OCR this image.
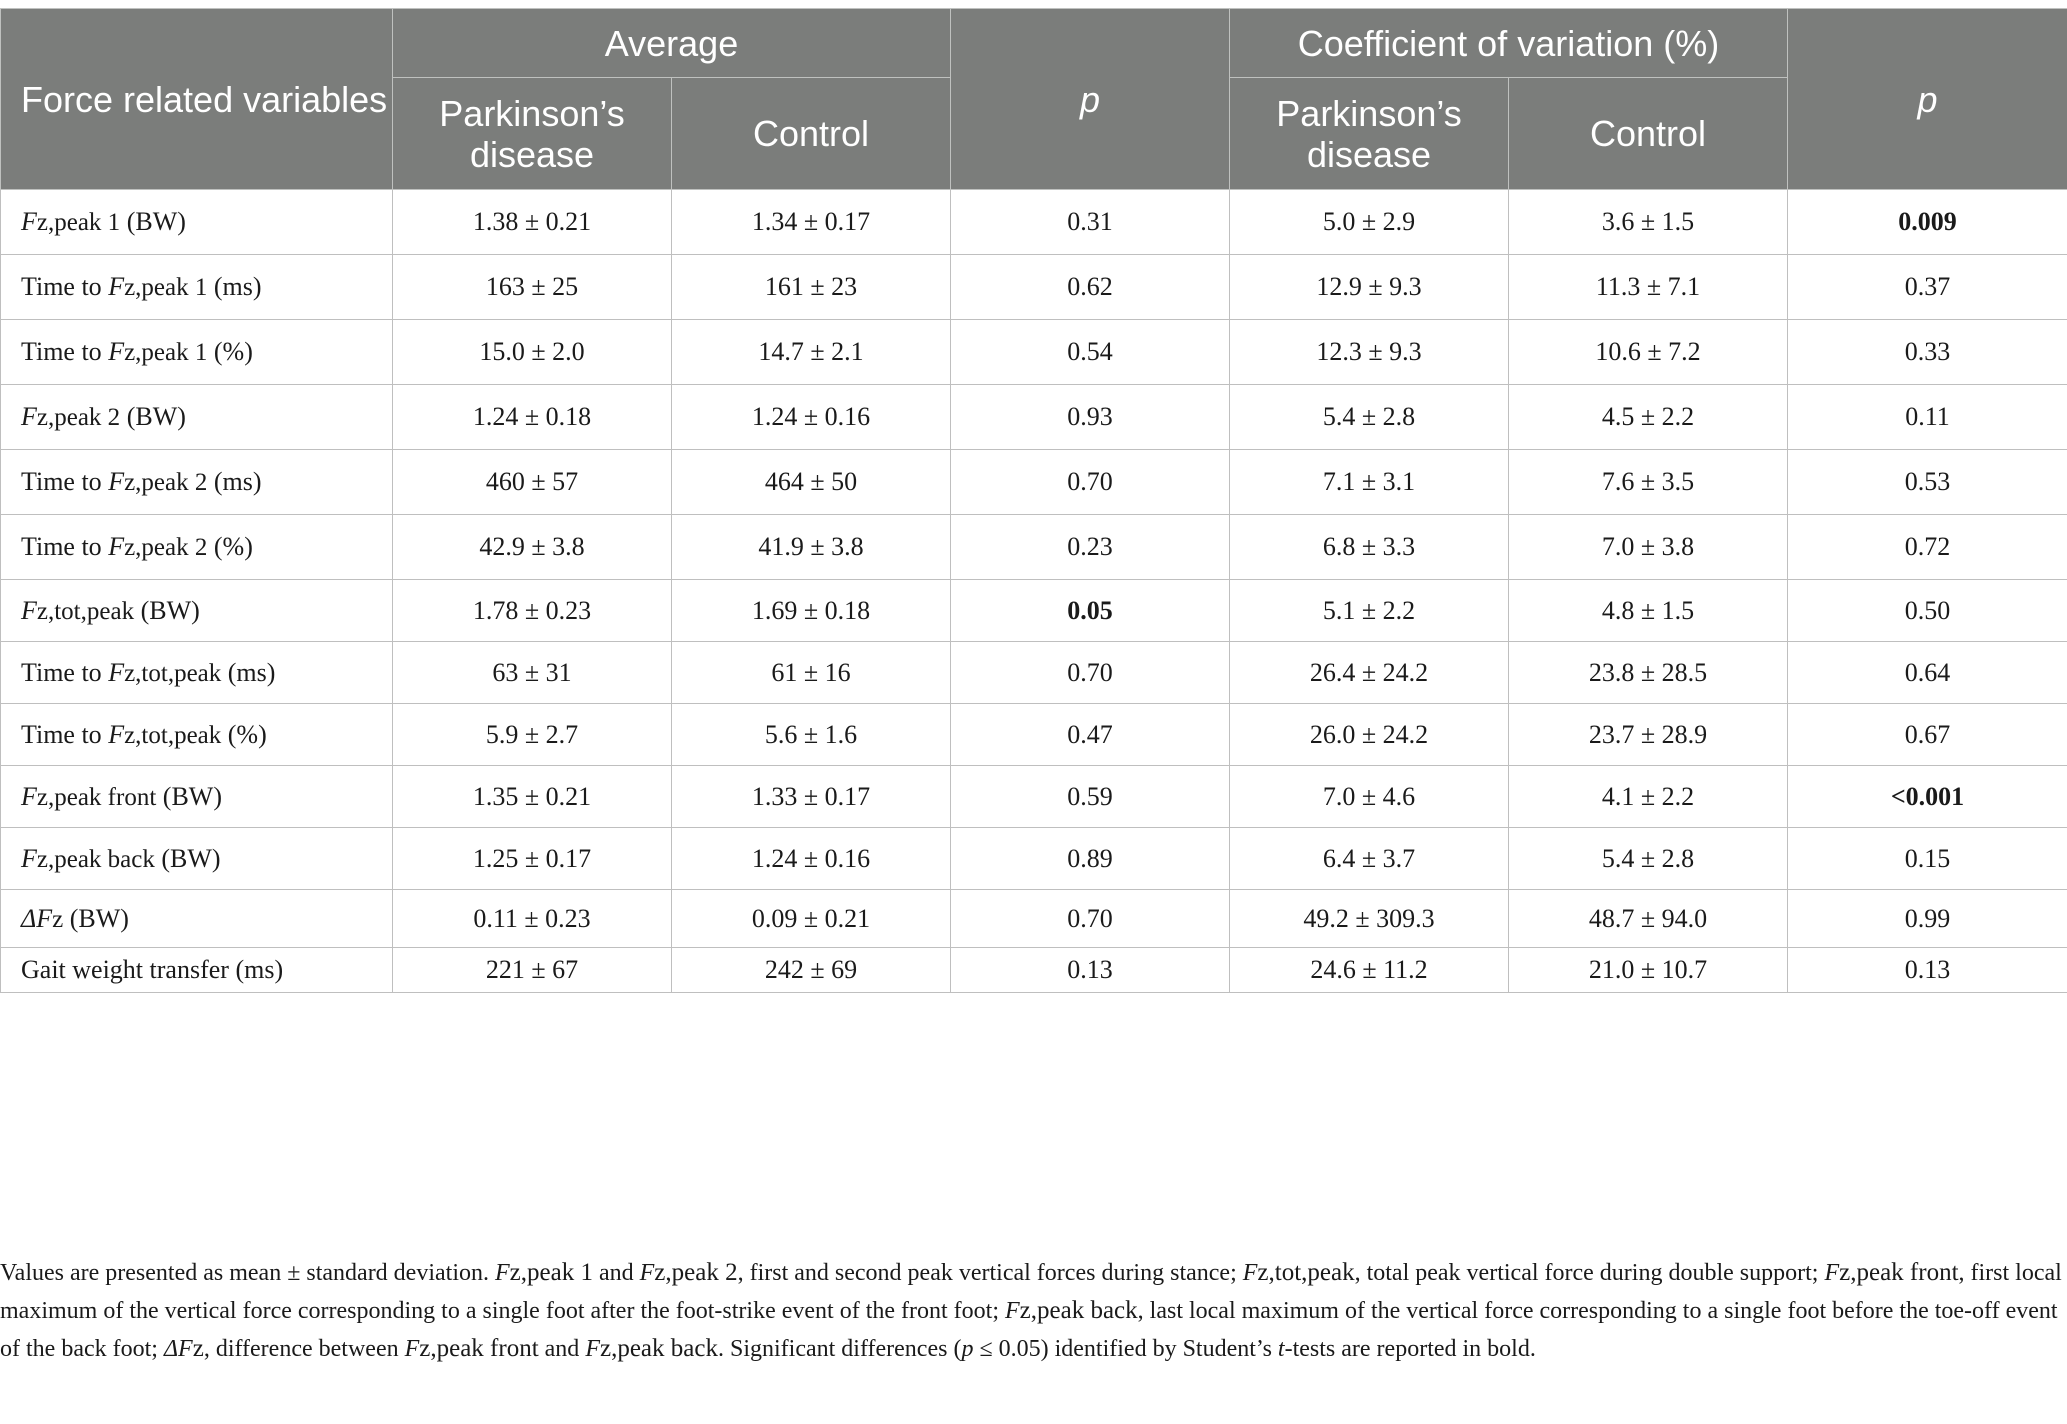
Force related variables	Average		p	Coefficient of variation (%)		p
	Parkinson’s disease	Control		Parkinson’s disease	Control	
Fz,peak 1 (BW)	1.38 ± 0.21	1.34 ± 0.17	0.31	5.0 ± 2.9	3.6 ± 1.5	0.009
Time to Fz,peak 1 (ms)	163 ± 25	161 ± 23	0.62	12.9 ± 9.3	11.3 ± 7.1	0.37
Time to Fz,peak 1 (%)	15.0 ± 2.0	14.7 ± 2.1	0.54	12.3 ± 9.3	10.6 ± 7.2	0.33
Fz,peak 2 (BW)	1.24 ± 0.18	1.24 ± 0.16	0.93	5.4 ± 2.8	4.5 ± 2.2	0.11
Time to Fz,peak 2 (ms)	460 ± 57	464 ± 50	0.70	7.1 ± 3.1	7.6 ± 3.5	0.53
Time to Fz,peak 2 (%)	42.9 ± 3.8	41.9 ± 3.8	0.23	6.8 ± 3.3	7.0 ± 3.8	0.72
Fz,tot,peak (BW)	1.78 ± 0.23	1.69 ± 0.18	0.05	5.1 ± 2.2	4.8 ± 1.5	0.50
Time to Fz,tot,peak (ms)	63 ± 31	61 ± 16	0.70	26.4 ± 24.2	23.8 ± 28.5	0.64
Time to Fz,tot,peak (%)	5.9 ± 2.7	5.6 ± 1.6	0.47	26.0 ± 24.2	23.7 ± 28.9	0.67
Fz,peak front (BW)	1.35 ± 0.21	1.33 ± 0.17	0.59	7.0 ± 4.6	4.1 ± 2.2	<0.001
Fz,peak back (BW)	1.25 ± 0.17	1.24 ± 0.16	0.89	6.4 ± 3.7	5.4 ± 2.8	0.15
ΔFz (BW)	0.11 ± 0.23	0.09 ± 0.21	0.70	49.2 ± 309.3	48.7 ± 94.0	0.99
Gait weight transfer (ms)	221 ± 67	242 ± 69	0.13	24.6 ± 11.2	21.0 ± 10.7	0.13
Values are presented as mean ± standard deviation. Fz,peak 1 and Fz,peak 2, first and second peak vertical forces during stance; Fz,tot,peak, total peak vertical force during double support; Fz,peak front, first local maximum of the vertical force corresponding to a single foot after the foot-strike event of the front foot; Fz,peak back, last local maximum of the vertical force corresponding to a single foot before the toe-off event of the back foot; ΔFz, difference between Fz,peak front and Fz,peak back. Significant differences (p ≤ 0.05) identified by Student’s t-tests are reported in bold.
